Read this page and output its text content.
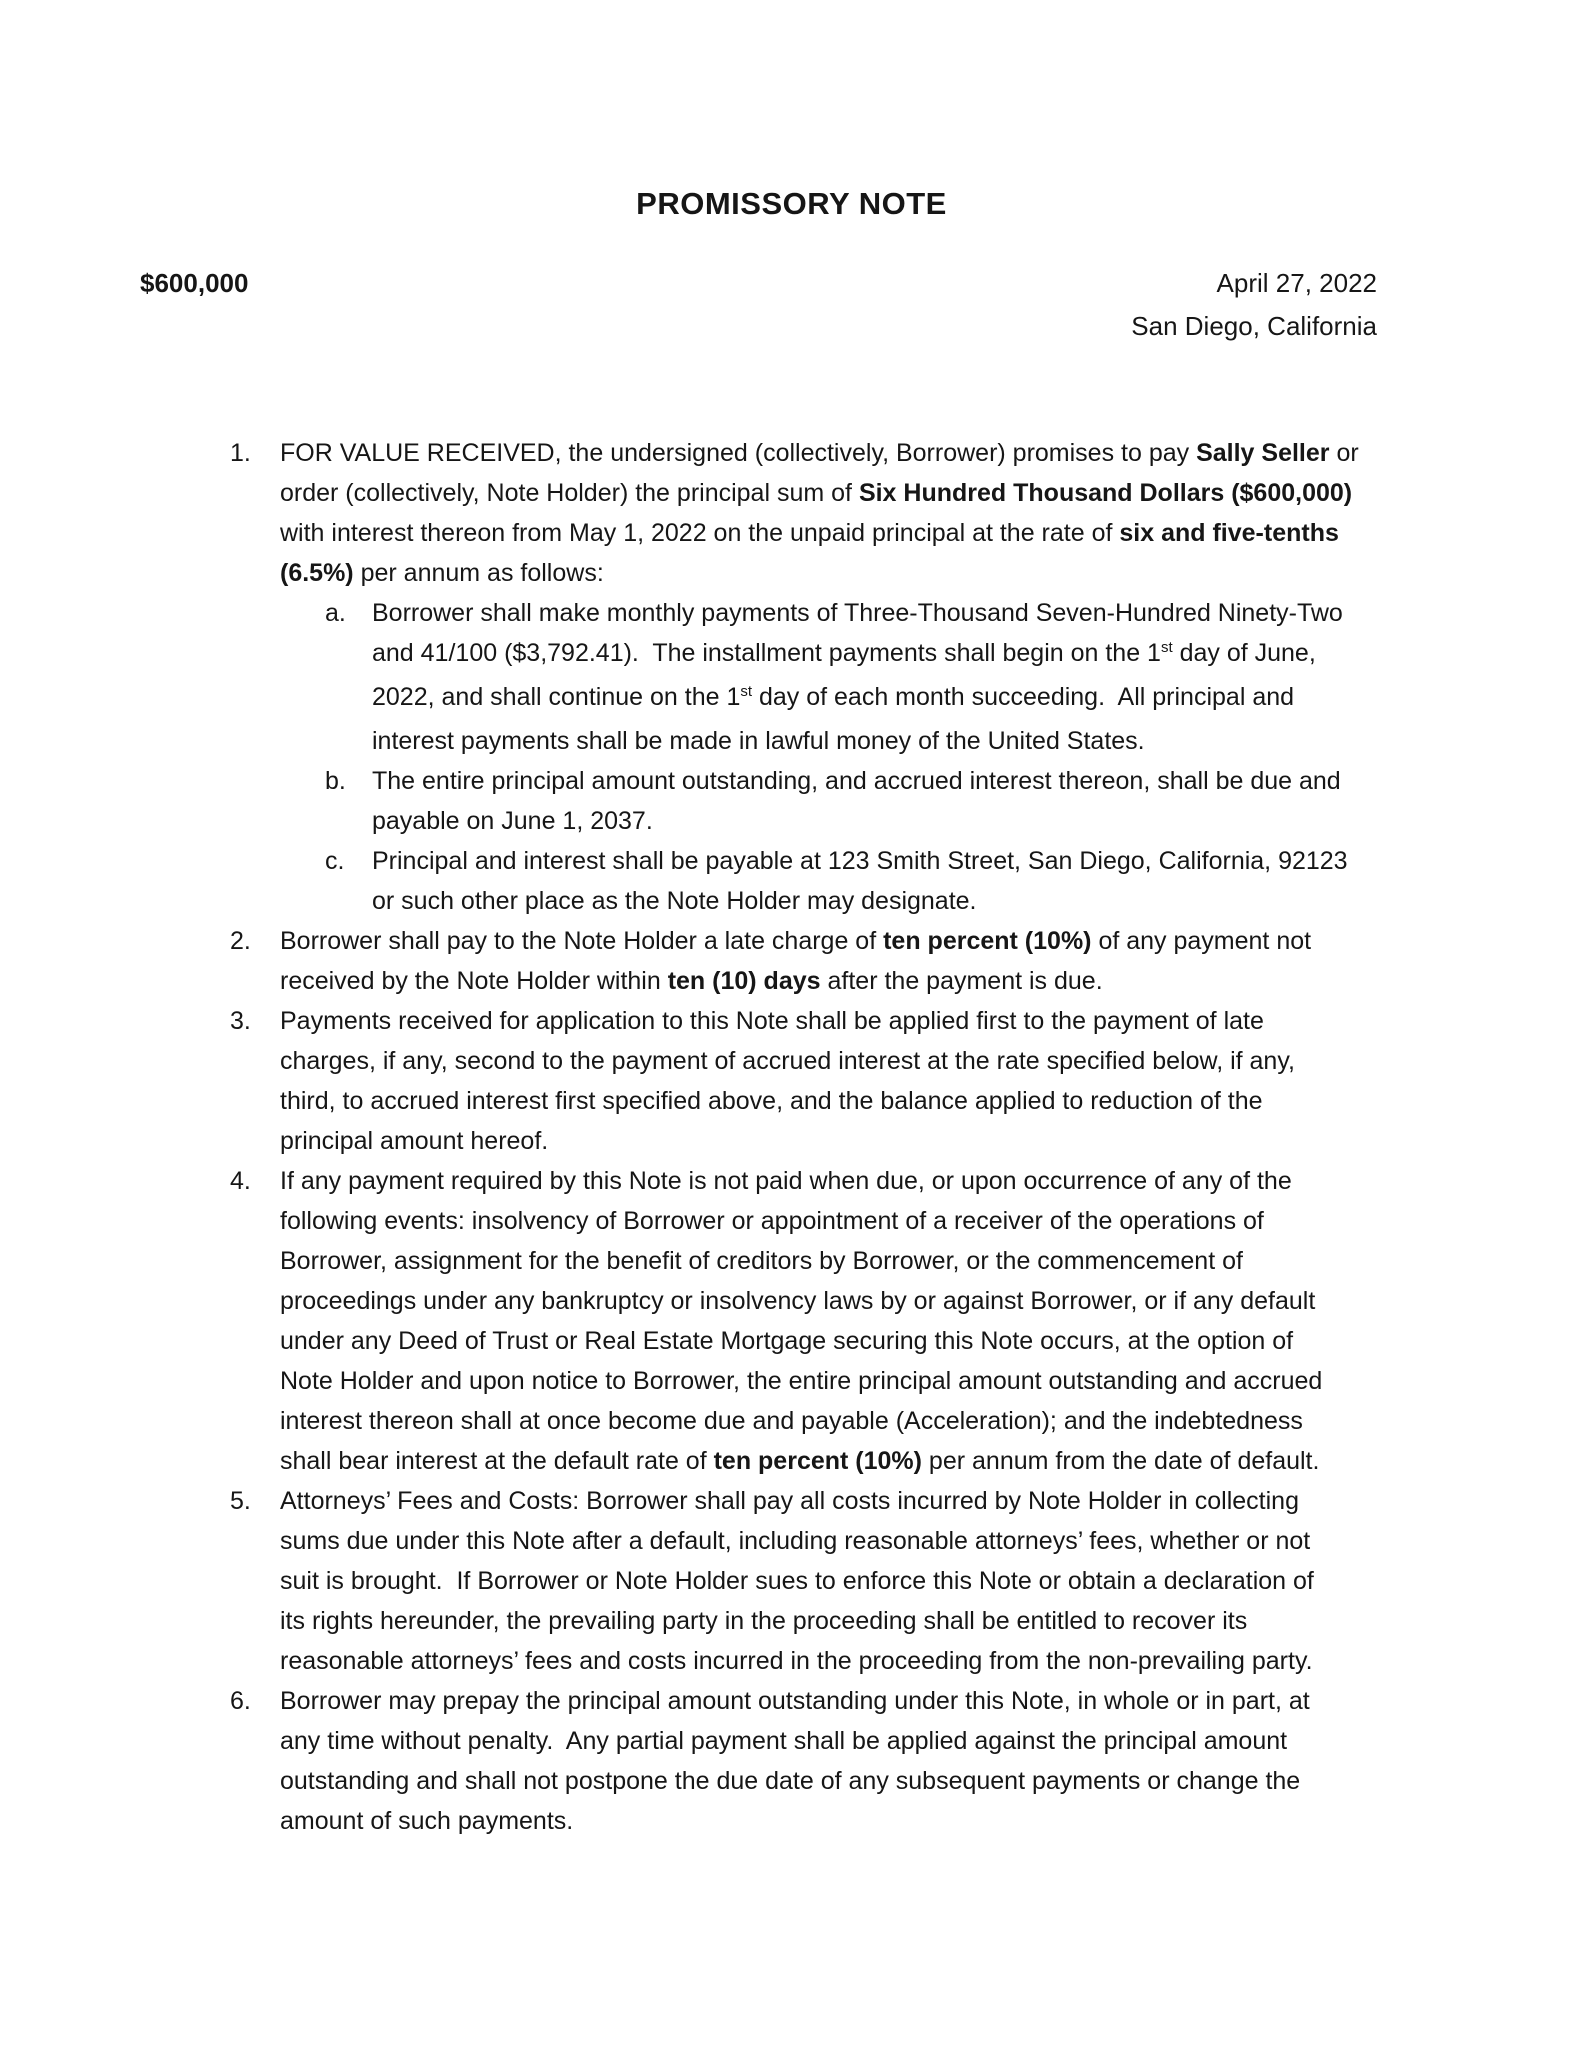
PROMISSORY NOTE
$600,000	April 27, 2022
San Diego, California
1.	FOR VALUE RECEIVED, the undersigned (collectively, Borrower) promises to pay Sally Seller or
order (collectively, Note Holder) the principal sum of Six Hundred Thousand Dollars ($600,000)
with interest thereon from May 1, 2022 on the unpaid principal at the rate of six and five-tenths
(6.5%) per annum as follows:
a.	Borrower shall make monthly payments of Three-Thousand Seven-Hundred Ninety-Two
and 41/100 ($3,792.41).  The installment payments shall begin on the 1st day of June,
2022, and shall continue on the 1st day of each month succeeding.  All principal and
interest payments shall be made in lawful money of the United States.
b.	The entire principal amount outstanding, and accrued interest thereon, shall be due and
payable on June 1, 2037.
c.	Principal and interest shall be payable at 123 Smith Street, San Diego, California, 92123
or such other place as the Note Holder may designate.
2.	Borrower shall pay to the Note Holder a late charge of ten percent (10%) of any payment not
received by the Note Holder within ten (10) days after the payment is due.
3.	Payments received for application to this Note shall be applied first to the payment of late
charges, if any, second to the payment of accrued interest at the rate specified below, if any,
third, to accrued interest first specified above, and the balance applied to reduction of the
principal amount hereof.
4.	If any payment required by this Note is not paid when due, or upon occurrence of any of the
following events: insolvency of Borrower or appointment of a receiver of the operations of
Borrower, assignment for the benefit of creditors by Borrower, or the commencement of
proceedings under any bankruptcy or insolvency laws by or against Borrower, or if any default
under any Deed of Trust or Real Estate Mortgage securing this Note occurs, at the option of
Note Holder and upon notice to Borrower, the entire principal amount outstanding and accrued
interest thereon shall at once become due and payable (Acceleration); and the indebtedness
shall bear interest at the default rate of ten percent (10%) per annum from the date of default.
5.	Attorneys’ Fees and Costs: Borrower shall pay all costs incurred by Note Holder in collecting
sums due under this Note after a default, including reasonable attorneys’ fees, whether or not
suit is brought.  If Borrower or Note Holder sues to enforce this Note or obtain a declaration of
its rights hereunder, the prevailing party in the proceeding shall be entitled to recover its
reasonable attorneys’ fees and costs incurred in the proceeding from the non-prevailing party.
6.	Borrower may prepay the principal amount outstanding under this Note, in whole or in part, at
any time without penalty.  Any partial payment shall be applied against the principal amount
outstanding and shall not postpone the due date of any subsequent payments or change the
amount of such payments.
